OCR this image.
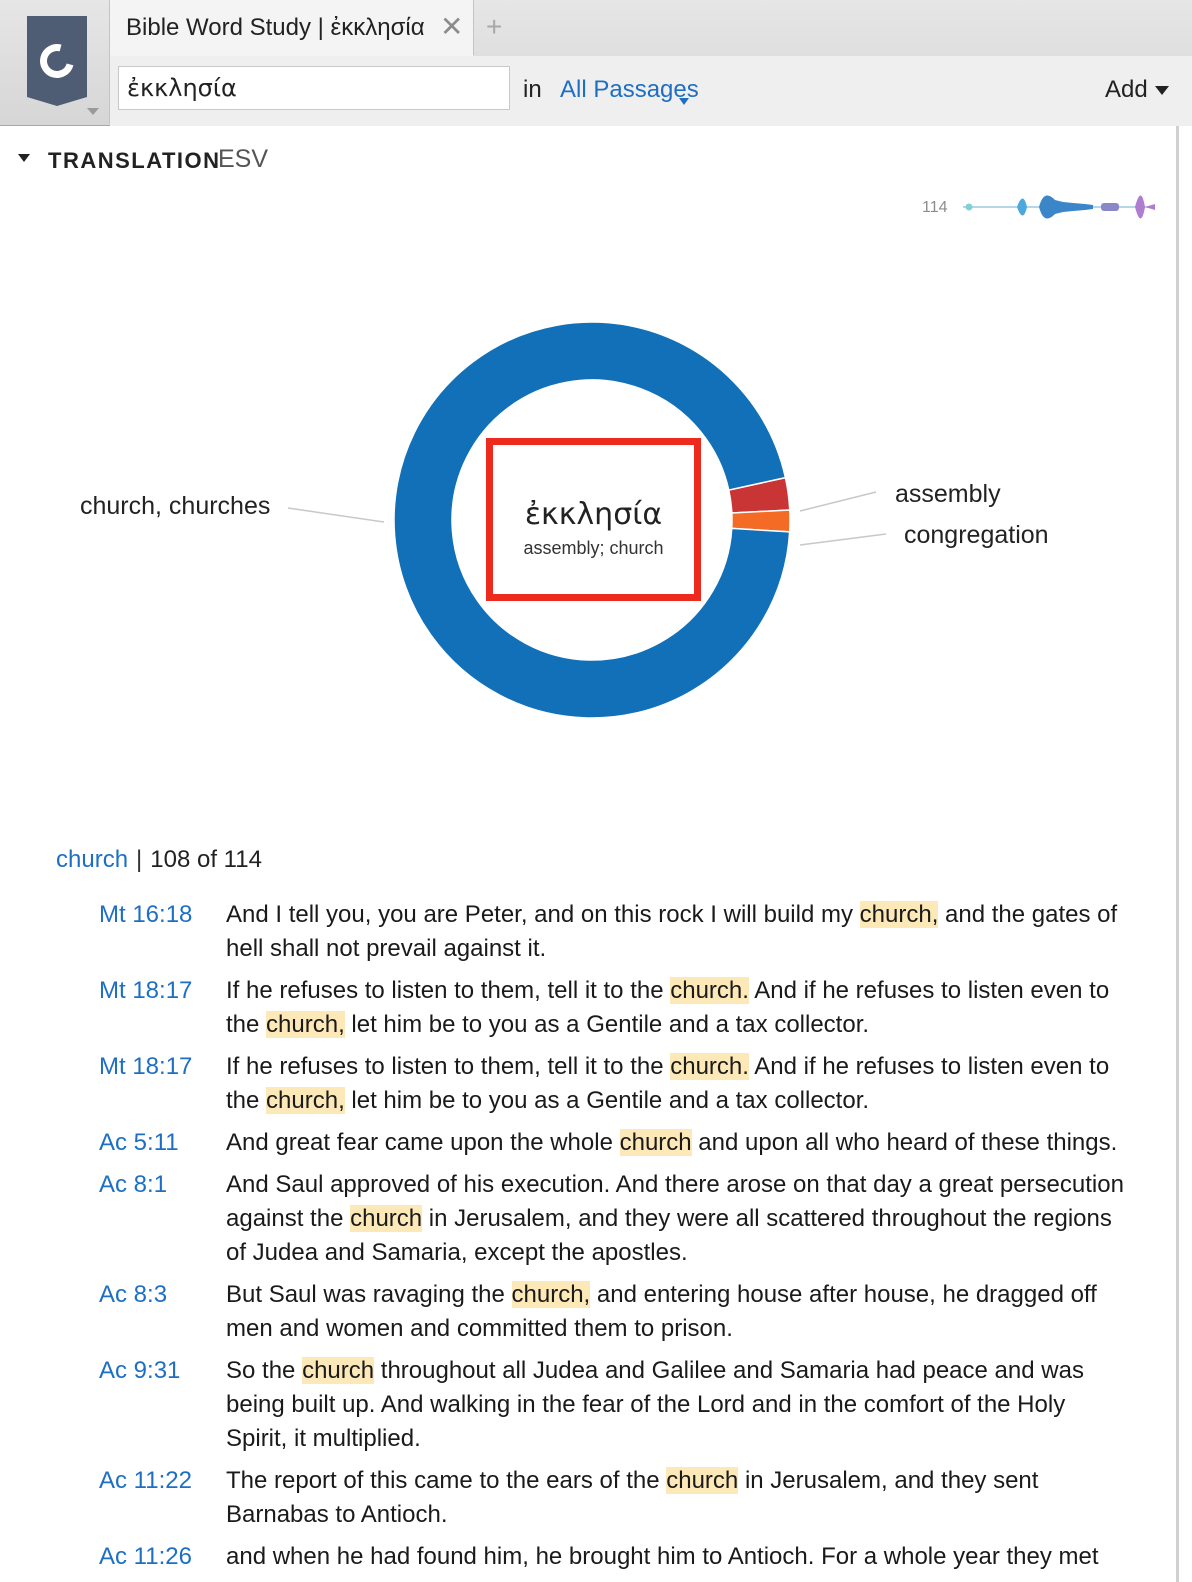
Bible Word Study | ἐκκλησία ✕ +
ἐκκλησία
in All Passages	Add
TRANSLATION
ESV
114
church, churches	assembly
congregation
ἐκκλησία
assembly; church
church | 108 of 114
Mt 16:18 And I tell you, you are Peter, and on this rock I will build my church, and the gates of hell shall not prevail against it.
Mt 18:17 If he refuses to listen to them, tell it to the church. And if he refuses to listen even to the church, let him be to you as a Gentile and a tax collector.
Mt 18:17 If he refuses to listen to them, tell it to the church. And if he refuses to listen even to the church, let him be to you as a Gentile and a tax collector.
Ac 5:11 And great fear came upon the whole church and upon all who heard of these things.
Ac 8:1 And Saul approved of his execution. And there arose on that day a great persecution against the church in Jerusalem, and they were all scattered throughout the regions of Judea and Samaria, except the apostles.
Ac 8:3 But Saul was ravaging the church, and entering house after house, he dragged off men and women and committed them to prison.
Ac 9:31 So the church throughout all Judea and Galilee and Samaria had peace and was being built up. And walking in the fear of the Lord and in the comfort of the Holy Spirit, it multiplied.
Ac 11:22 The report of this came to the ears of the church in Jerusalem, and they sent Barnabas to Antioch.
Ac 11:26 and when he had found him, he brought him to Antioch. For a whole year they met
